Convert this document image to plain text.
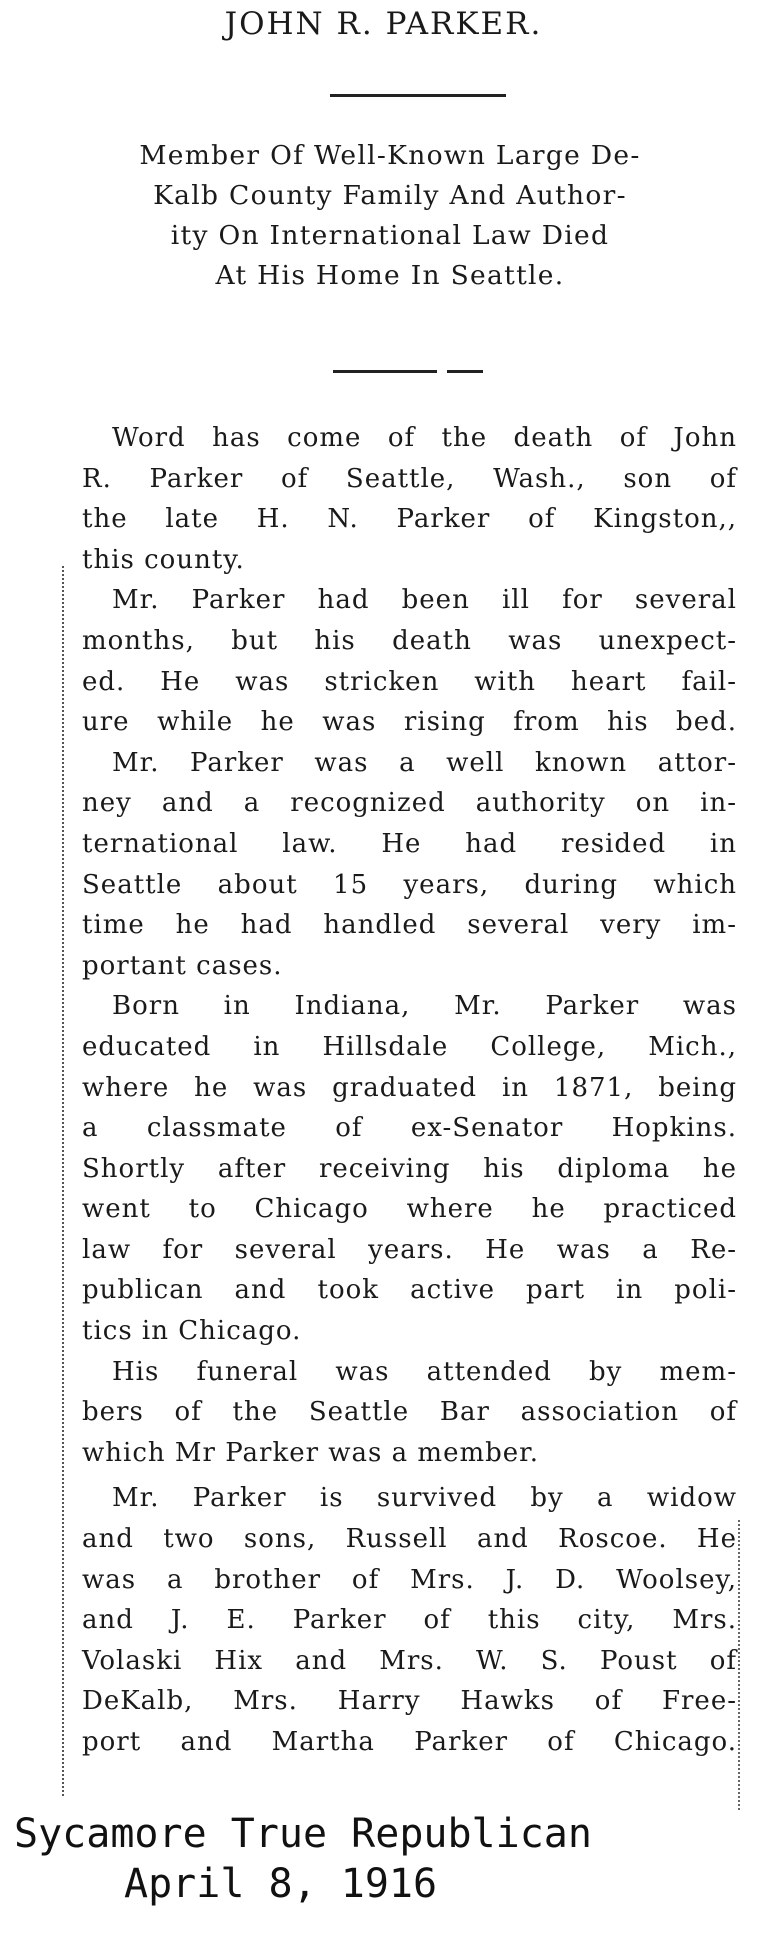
JOHN R. PARKER.
Member Of Well-Known Large De-
Kalb County Family And Author-
ity On International Law Died
At His Home In Seattle.
Word has come of the death of John
R. Parker of Seattle, Wash., son of
the late H. N. Parker of Kingston,,
this county.
Mr. Parker had been ill for several
months, but his death was unexpect-
ed. He was stricken with heart fail-
ure while he was rising from his bed.
Mr. Parker was a well known attor-
ney and a recognized authority on in-
ternational law. He had resided in
Seattle about 15 years, during which
time he had handled several very im-
portant cases.
Born in Indiana, Mr. Parker was
educated in Hillsdale College, Mich.,
where he was graduated in 1871, being
a classmate of ex-Senator Hopkins.
Shortly after receiving his diploma he
went to Chicago where he practiced
law for several years. He was a Re-
publican and took active part in poli-
tics in Chicago.
His funeral was attended by mem-
bers of the Seattle Bar association of
which Mr Parker was a member.
Mr. Parker is survived by a widow
and two sons, Russell and Roscoe. He
was a brother of Mrs. J. D. Woolsey,
and J. E. Parker of this city, Mrs.
Volaski Hix and Mrs. W. S. Poust of
DeKalb, Mrs. Harry Hawks of Free-
port and Martha Parker of Chicago.
Sycamore True Republican
April 8, 1916
